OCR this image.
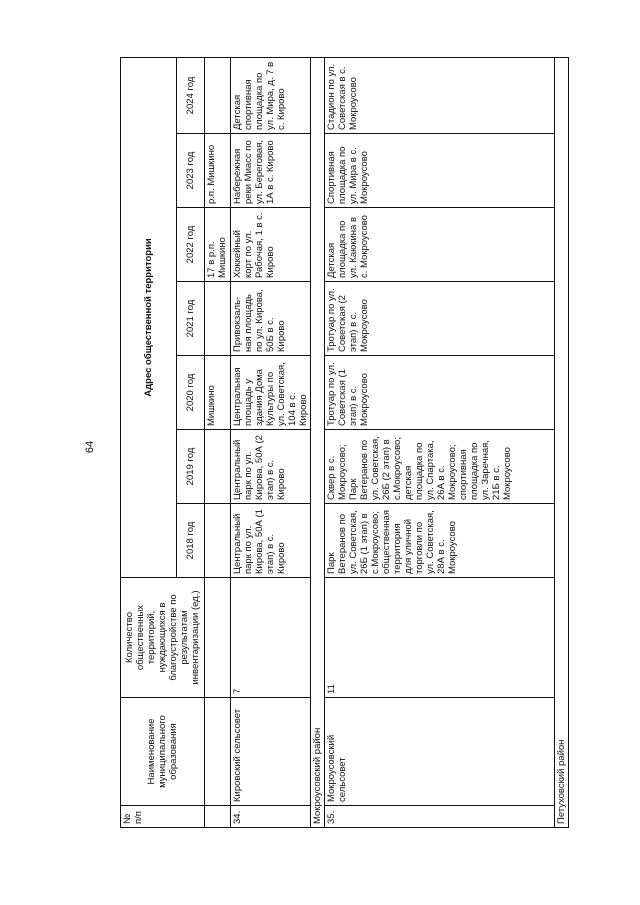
64
№ п/п	Наименование муниципального образования	Количество общественных территорий, нуждающихся в благоустройстве по результатам инвентаризации (ед.)	Адрес общественной территории						
			2018 год	2019 год	2020 год	2021 год	2022 год	2023 год	2024 год
					Мишкино		17 в р.п. Мишкино	р.п. Мишкино	
34.	Кировский сельсовет	7	Центральный парк по ул. Кирова, 50А (1 этап) в с. Кирово	Центральный парк по ул. Кирова, 50А (2 этап) в с. Кирово	Центральная площадь у здания Дома Культуры по ул. Советская, 104 в с. Кирово	Привокзаль-ная площадь по ул. Кирова, 50Б в с. Кирово	Хоккейный корт по ул. Рабочая, 1 в с. Кирово	Набережная реки Миасс по ул. Береговая, 1А в с. Кирово	Детская спортивная площадка по ул. Мира, д. 7 в с. Кирово
Мокроусовский район									
35.	Мокроусовский сельсовет	11	Парк Ветеранов по ул. Советская, 26Б (1 этап) в с.Мокроусово; общественная территория для уличной торговли по ул. Советская, 28А в с. Мокроусово	Сквер в с. Мокроусово; Парк Ветеранов по ул. Советская, 26Б (2 этап) в с.Мокроусово; детская площадка по ул. Спартака, 26А в с. Мокроусово; спортивная площадка по ул. Заречная, 21Б в с. Мокроусово	Тротуар по ул. Советская (1 этап) в с. Мокроусово	Тротуар по ул. Советская (2 этап) в с. Мокроусово	Детская площадка по ул. Каюкина в с. Мокроусово	Спортивная площадка по ул. Мира в с. Мокроусово	Стадион по ул. Советская в с. Мокроусово
Петуховский район									
